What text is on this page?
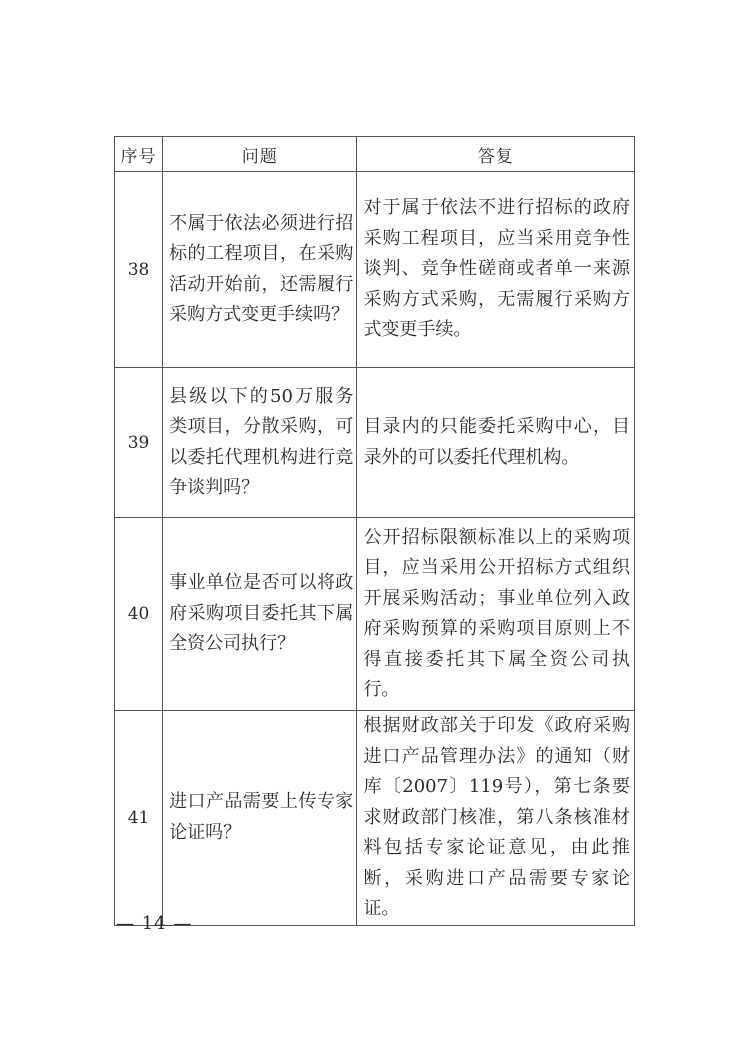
序号	问题	答复
38	不属于依法必须进行招标的工程项目，在采购活动开始前，还需履行采购方式变更手续吗？	对于属于依法不进行招标的政府采购工程项目，应当采用竞争性谈判、竞争性磋商或者单一来源采购方式采购，无需履行采购方式变更手续。

39	县级以下的50万服务类项目，分散采购，可以委托代理机构进行竞争谈判吗？	目录内的只能委托采购中心，目录外的可以委托代理机构。

40	事业单位是否可以将政府采购项目委托其下属全资公司执行？	公开招标限额标准以上的采购项目，应当采用公开招标方式组织开展采购活动；事业单位列入政府采购预算的采购项目原则上不得直接委托其下属全资公司执行。

41	进口产品需要上传专家论证吗？	根据财政部关于印发《政府采购进口产品管理办法》的通知（财库〔2007〕119号），第七条要求财政部门核准，第八条核准材料包括专家论证意见，由此推断，采购进口产品需要专家论证。
— 14 —
